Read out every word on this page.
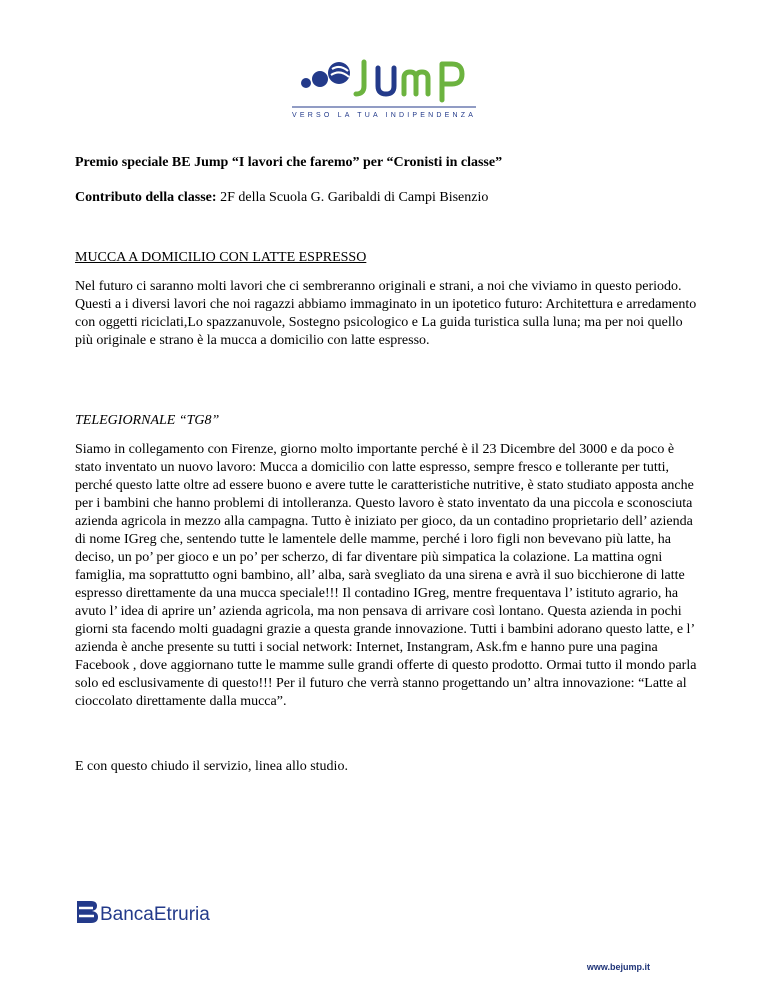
VERSO LA TUA INDIPENDENZA
Premio speciale BE Jump “I lavori che faremo” per “Cronisti in classe”
Contributo della classe: 2F della Scuola G. Garibaldi di Campi Bisenzio
MUCCA A DOMICILIO CON LATTE ESPRESSO
Nel futuro ci saranno molti lavori che ci sembreranno originali e strani, a noi che viviamo in questo periodo. Questi a i diversi lavori che noi ragazzi abbiamo immaginato in un ipotetico futuro: Architettura e arredamento con oggetti riciclati,Lo spazzanuvole, Sostegno psicologico e La guida turistica sulla luna; ma per noi quello più originale e strano è la mucca a domicilio con latte espresso.
TELEGIORNALE “TG8”
Siamo in collegamento con Firenze, giorno molto importante perché è il 23 Dicembre del 3000 e da poco è stato inventato un nuovo lavoro: Mucca a domicilio con latte espresso, sempre fresco e tollerante per tutti, perché questo latte oltre ad essere buono e avere tutte le caratteristiche nutritive, è stato studiato apposta anche per i bambini che hanno problemi di intolleranza. Questo lavoro è stato inventato da una piccola e sconosciuta azienda agricola in mezzo alla campagna. Tutto è iniziato per gioco, da un contadino proprietario dell’ azienda di nome IGreg che, sentendo tutte le lamentele delle mamme, perché i loro figli non bevevano più latte, ha deciso, un po’ per gioco e un po’ per scherzo, di far diventare più simpatica la colazione. La mattina ogni famiglia, ma soprattutto ogni bambino, all’ alba, sarà svegliato da una sirena e avrà il suo bicchierone di latte espresso direttamente da una mucca speciale!!! Il contadino IGreg, mentre frequentava l’ istituto agrario, ha avuto l’ idea di aprire un’ azienda agricola, ma non pensava di arrivare così lontano. Questa azienda in pochi giorni sta facendo molti guadagni grazie a questa grande innovazione. Tutti i bambini adorano questo latte, e l’ azienda è anche presente su tutti i social network: Internet, Instangram, Ask.fm e hanno pure una pagina Facebook , dove aggiornano tutte le mamme sulle grandi offerte di questo prodotto. Ormai tutto il mondo parla solo ed esclusivamente di questo!!! Per il futuro che verrà stanno progettando un’ altra innovazione: “Latte al cioccolato direttamente dalla mucca”.
E con questo chiudo il servizio, linea allo studio.
BancaEtruria
www.bejump.it
